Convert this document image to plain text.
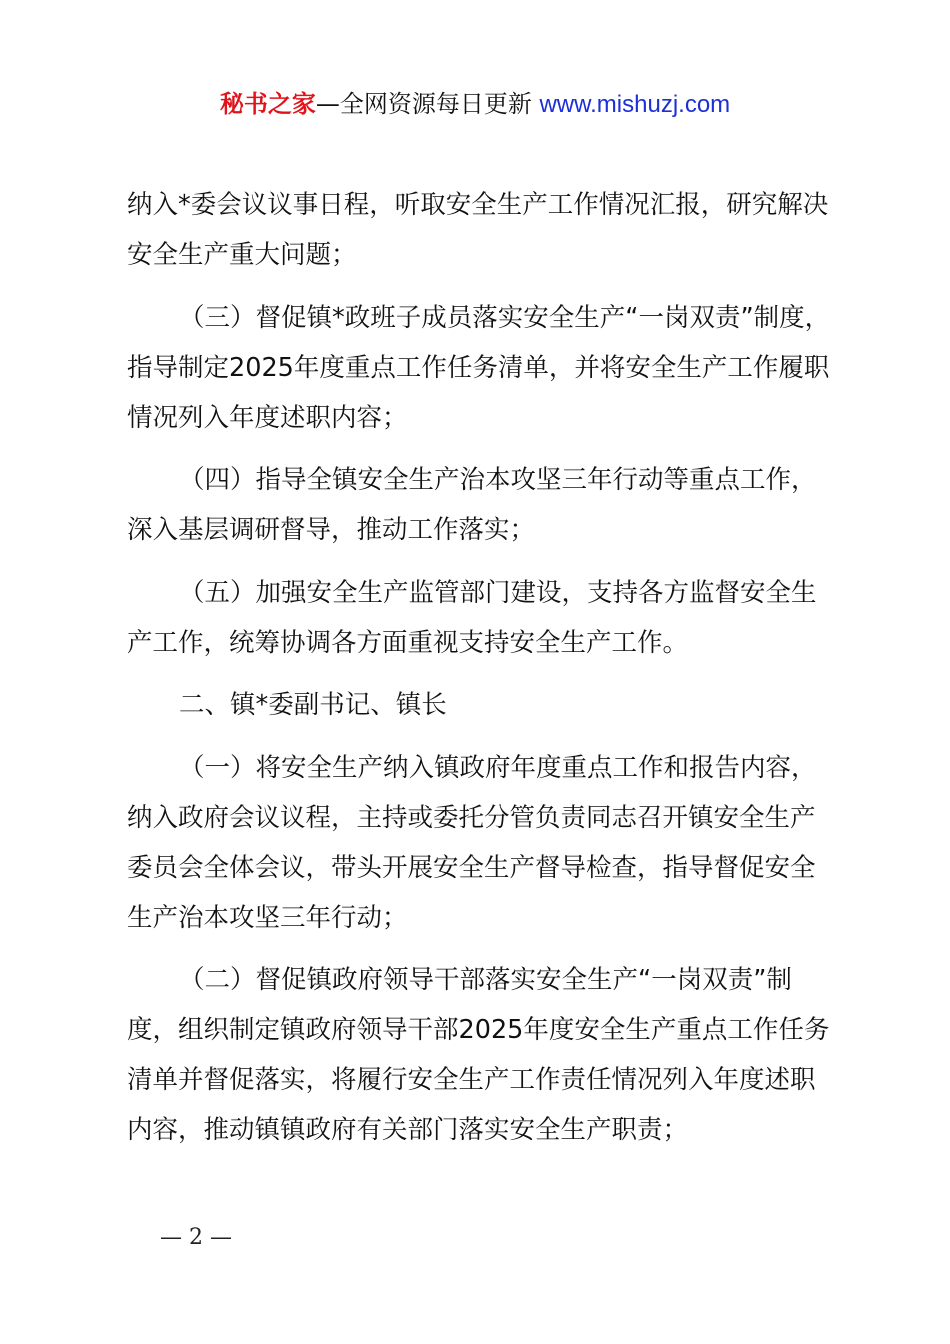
秘书之家—全网资源每日更新 www.mishuzj.com
纳入*委会议议事日程，听取安全生产工作情况汇报，研究解决
安全生产重大问题；
（三）督促镇*政班子成员落实安全生产“一岗双责”制度，
指导制定2025年度重点工作任务清单，并将安全生产工作履职
情况列入年度述职内容；
（四）指导全镇安全生产治本攻坚三年行动等重点工作，
深入基层调研督导，推动工作落实；
（五）加强安全生产监管部门建设，支持各方监督安全生
产工作，统筹协调各方面重视支持安全生产工作。
二、镇*委副书记、镇长
（一）将安全生产纳入镇政府年度重点工作和报告内容，
纳入政府会议议程，主持或委托分管负责同志召开镇安全生产
委员会全体会议，带头开展安全生产督导检查，指导督促安全
生产治本攻坚三年行动；
（二）督促镇政府领导干部落实安全生产“一岗双责”制
度，组织制定镇政府领导干部2025年度安全生产重点工作任务
清单并督促落实，将履行安全生产工作责任情况列入年度述职
内容，推动镇镇政府有关部门落实安全生产职责；
— 2 —
